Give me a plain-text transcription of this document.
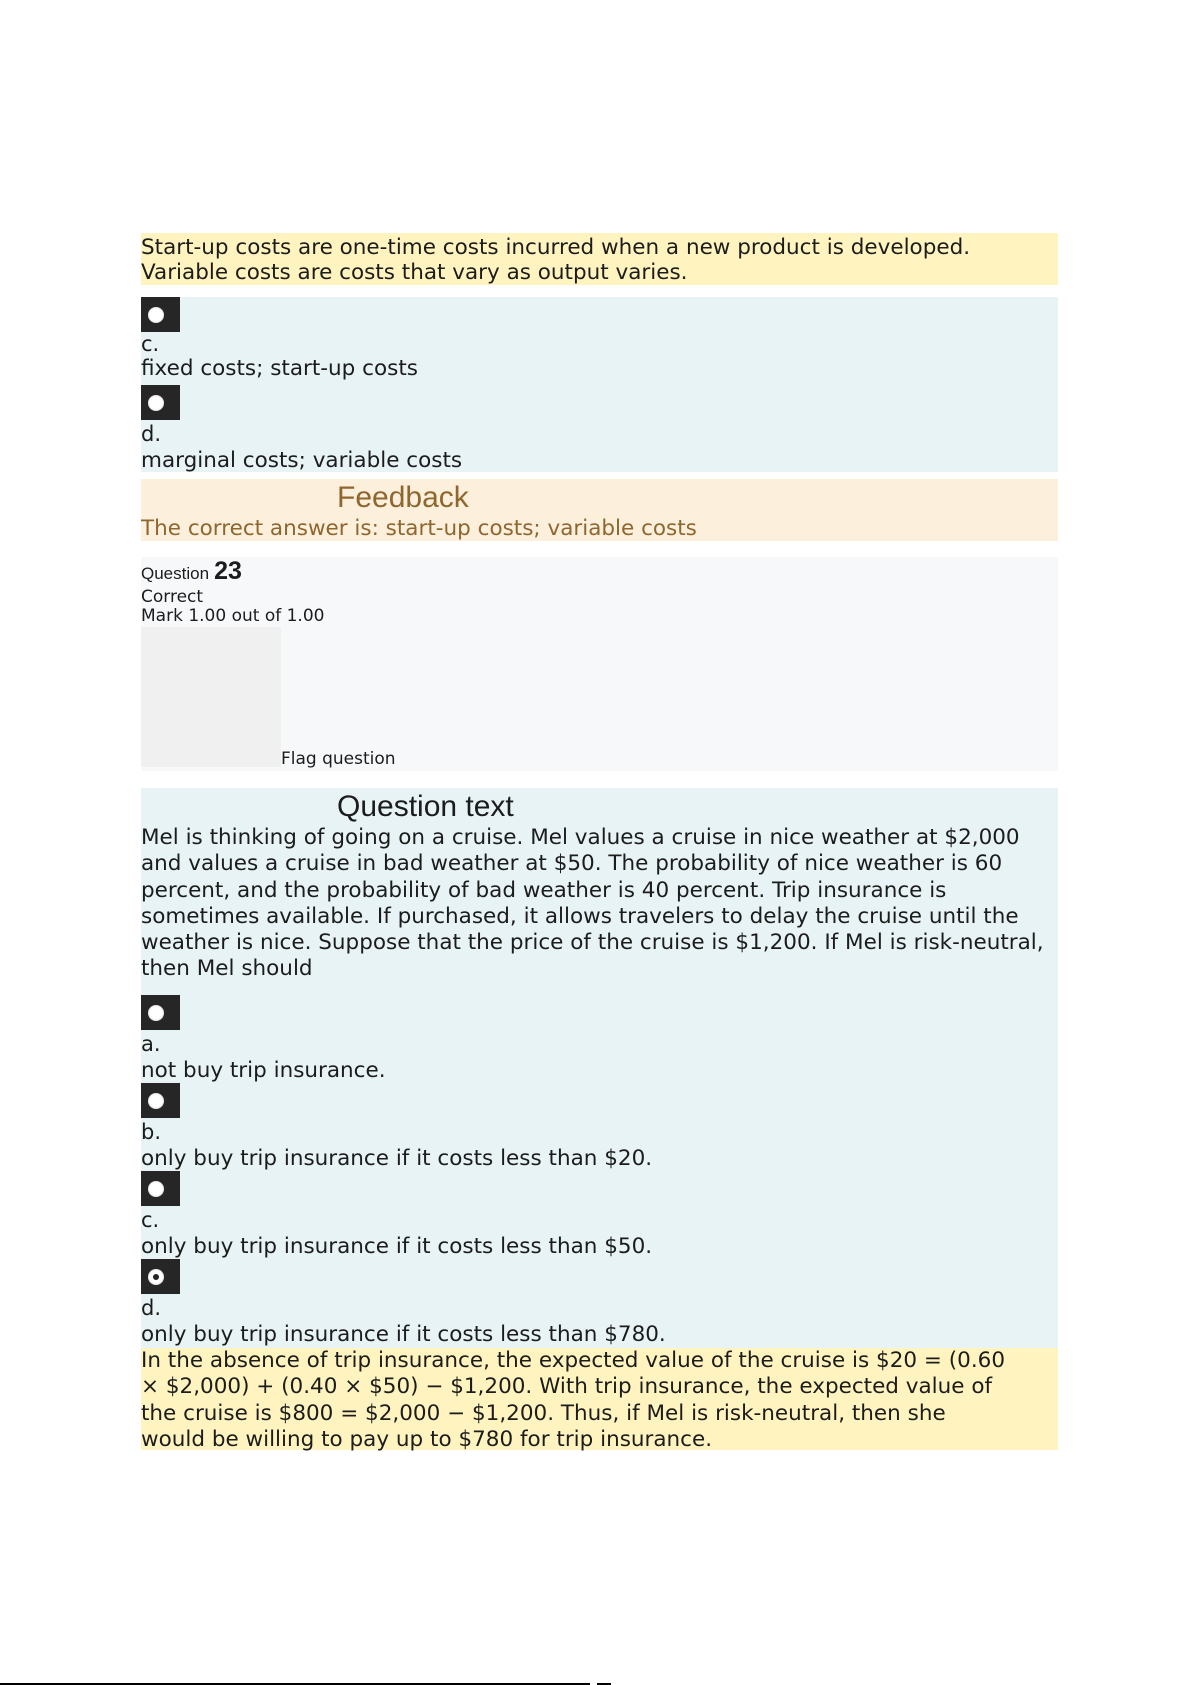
Start-up costs are one-time costs incurred when a new product is developed.
Variable costs are costs that vary as output varies.
c.
fixed costs; start-up costs
d.
marginal costs; variable costs
Feedback
The correct answer is: start-up costs; variable costs
Question 23
Correct
Mark 1.00 out of 1.00
Flag question
Question text
Mel is thinking of going on a cruise. Mel values a cruise in nice weather at $2,000 and values a cruise in bad weather at $50. The probability of nice weather is 60 percent, and the probability of bad weather is 40 percent. Trip insurance is sometimes available. If purchased, it allows travelers to delay the cruise until the weather is nice. Suppose that the price of the cruise is $1,200. If Mel is risk-neutral, then Mel should
a.
not buy trip insurance.
b.
only buy trip insurance if it costs less than $20.
c.
only buy trip insurance if it costs less than $50.
d.
only buy trip insurance if it costs less than $780.
In the absence of trip insurance, the expected value of the cruise is $20 = (0.60
× $2,000) + (0.40 × $50) − $1,200. With trip insurance, the expected value of
the cruise is $800 = $2,000 − $1,200. Thus, if Mel is risk-neutral, then she
would be willing to pay up to $780 for trip insurance.
